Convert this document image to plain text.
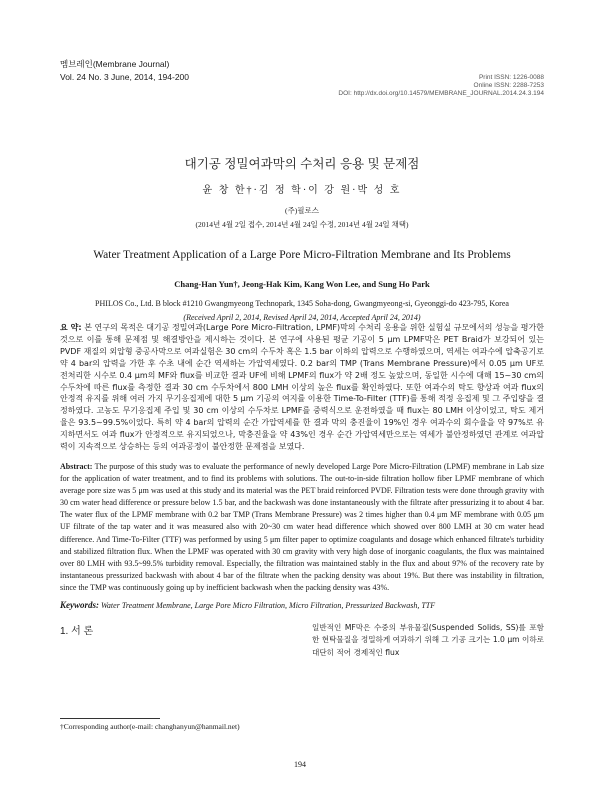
멤브레인(Membrane Journal)
Vol. 24 No. 3 June, 2014, 194-200	Print ISSN: 1226-0088
Online ISSN: 2288-7253
DOI: http://dx.doi.org/10.14579/MEMBRANE_JOURNAL.2014.24.3.194
대기공 정밀여과막의 수처리 응용 및 문제점
윤 창 한†·김 정 학·이 강 원·박 성 호
(주)필로스
(2014년 4월 2일 접수, 2014년 4월 24일 수정, 2014년 4월 24일 채택)
Water Treatment Application of a Large Pore Micro-Filtration Membrane and Its Problems
Chang-Han Yun†, Jeong-Hak Kim, Kang Won Lee, and Sung Ho Park
PHILOS Co., Ltd. B block #1210 Gwangmyeong Technopark, 1345 Soha-dong, Gwangmyeong-si, Gyeonggi-do 423-795, Korea
(Received April 2, 2014, Revised April 24, 2014, Accepted April 24, 2014)
요 약: 본 연구의 목적은 대기공 정밀여과(Large Pore Micro-Filtration, LPMF)막의 수처리 응용을 위한 실험실 규모에서의 성능을 평가한 것으로 이를 통해 문제점 및 해결방안을 제시하는 것이다. 본 연구에 사용된 평균 기공이 5 μm LPMF막은 PET Braid가 보강되어 있는 PVDF 재질의 외압형 중공사막으로 여과실험은 30 cm의 수두차 혹은 1.5 bar 이하의 압력으로 수행하였으며, 역세는 여과수에 압축공기로 약 4 bar의 압력을 가한 후 수초 내에 순간 역세하는 가압역세였다. 0.2 bar의 TMP (Trans Membrane Pressure)에서 0.05 μm UF로 전처리한 시수로 0.4 μm의 MF와 flux를 비교한 결과 UF에 비해 LPMF의 flux가 약 2배 정도 높았으며, 동일한 시수에 대해 15~30 cm의 수두차에 따른 flux를 측정한 결과 30 cm 수두차에서 800 LMH 이상의 높은 flux를 확인하였다. 또한 여과수의 탁도 향상과 여과 flux의 안정적 유지를 위해 여러 가지 무기응집제에 대한 5 μm 기공의 여지를 이용한 Time-To-Filter (TTF)를 통해 적정 응집제 및 그 주입량을 결정하였다. 고농도 무기응집제 주입 및 30 cm 이상의 수두차로 LPMF를 중력식으로 운전하였을 때 flux는 80 LMH 이상이었고, 탁도 제거율은 93.5~99.5%이었다. 특히 약 4 bar의 압력의 순간 가압역세를 한 결과 막의 충진율이 19%인 경우 여과수의 회수율을 약 97%로 유지하면서도 여과 flux가 안정적으로 유지되었으나, 막충진율을 약 43%인 경우 순간 가압역세만으로는 역세가 불안정하였던 관계로 여과압력이 지속적으로 상승하는 등의 여과공정이 불안정한 문제점을 보였다.
Abstract: The purpose of this study was to evaluate the performance of newly developed Large Pore Micro-Filtration (LPMF) membrane in Lab size for the application of water treatment, and to find its problems with solutions. The out-to-in-side filtration hollow fiber LPMF membrane of which average pore size was 5 μm was used at this study and its material was the PET braid reinforced PVDF. Filtration tests were done through gravity with 30 cm water head difference or pressure below 1.5 bar, and the backwash was done instantaneously with the filtrate after pressurizing it to about 4 bar. The water flux of the LPMF membrane with 0.2 bar TMP (Trans Membrane Pressure) was 2 times higher than 0.4 μm MF membrane with 0.05 μm UF filtrate of the tap water and it was measured also with 20~30 cm water head difference which showed over 800 LMH at 30 cm water head difference. And Time-To-Filter (TTF) was performed by using 5 μm filter paper to optimize coagulants and dosage which enhanced filtrate's turbidity and stabilized filtration flux. When the LPMF was operated with 30 cm gravity with very high dose of inorganic coagulants, the flux was maintained over 80 LMH with 93.5~99.5% turbidity removal. Especially, the filtration was maintained stably in the flux and about 97% of the recovery rate by instantaneous pressurized backwash with about 4 bar of the filtrate when the packing density was about 19%. But there was instability in filtration, since the TMP was continuously going up by inefficient backwash when the packing density was 43%.
Keywords: Water Treatment Membrane, Large Pore Micro Filtration, Micro Filtration, Pressurized Backwash, TTF
1. 서 론	일반적인 MF막은 수중의 부유물질(Suspended Solids, SS)를 포함한 현탁물질을 정밀하게 여과하기 위해 그 기공 크기는 1.0 μm 이하로 대단히 적어 경제적인 flux
†Corresponding author(e-mail: changhanyun@hanmail.net)
194
